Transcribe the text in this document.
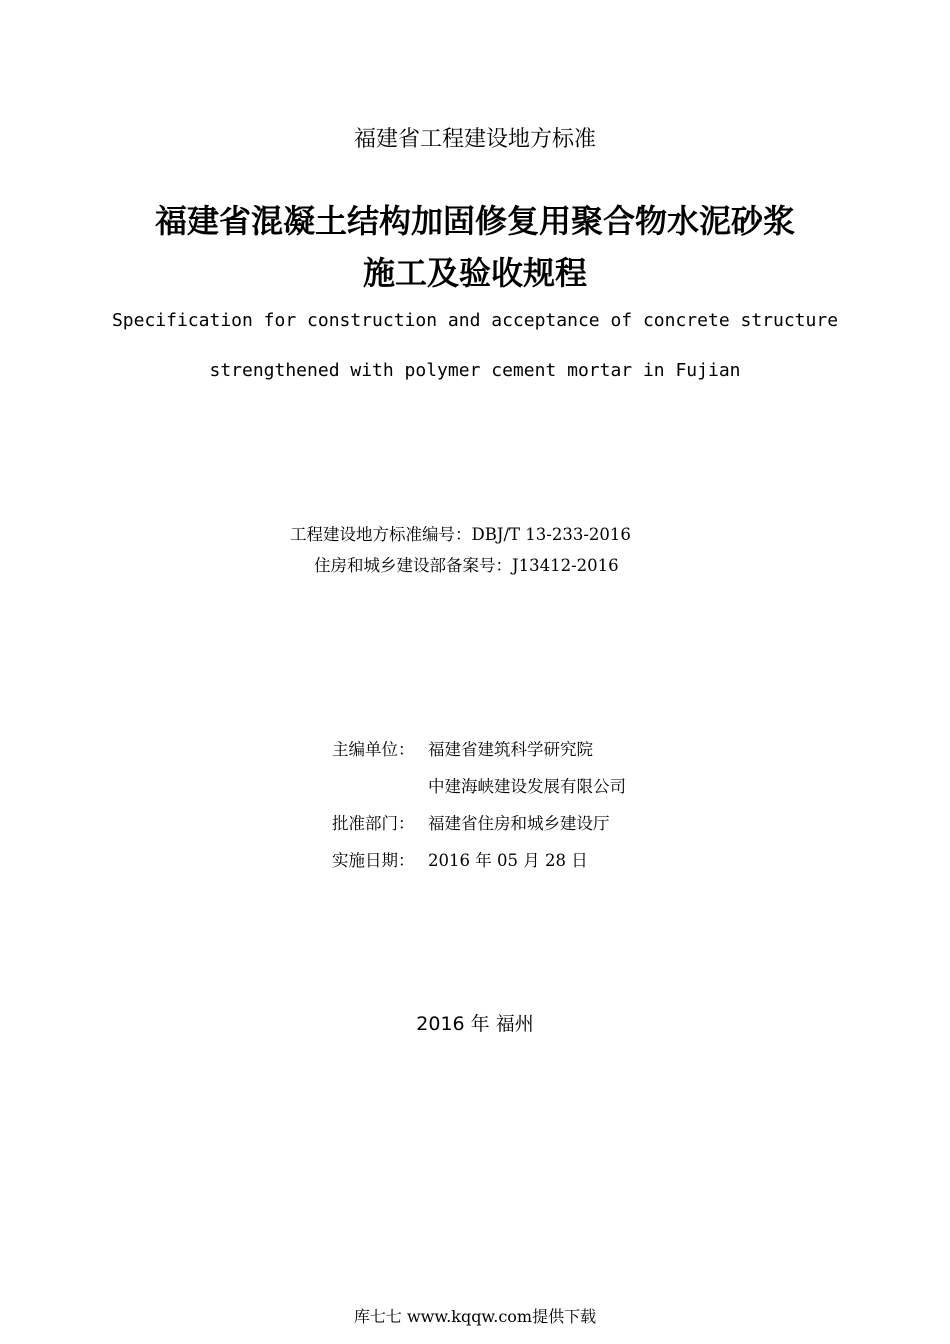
福建省工程建设地方标准
福建省混凝土结构加固修复用聚合物水泥砂浆
施工及验收规程
Specification for construction and acceptance of concrete structure
strengthened with polymer cement mortar in Fujian
工程建设地方标准编号：DBJ/T 13-233-2016
住房和城乡建设部备案号：J13412-2016
主编单位： 福建省建筑科学研究院
中建海峡建设发展有限公司
批准部门： 福建省住房和城乡建设厅
实施日期： 2016 年 05 月 28 日
2016 年 福州
库七七 www.kqqw.com提供下载
